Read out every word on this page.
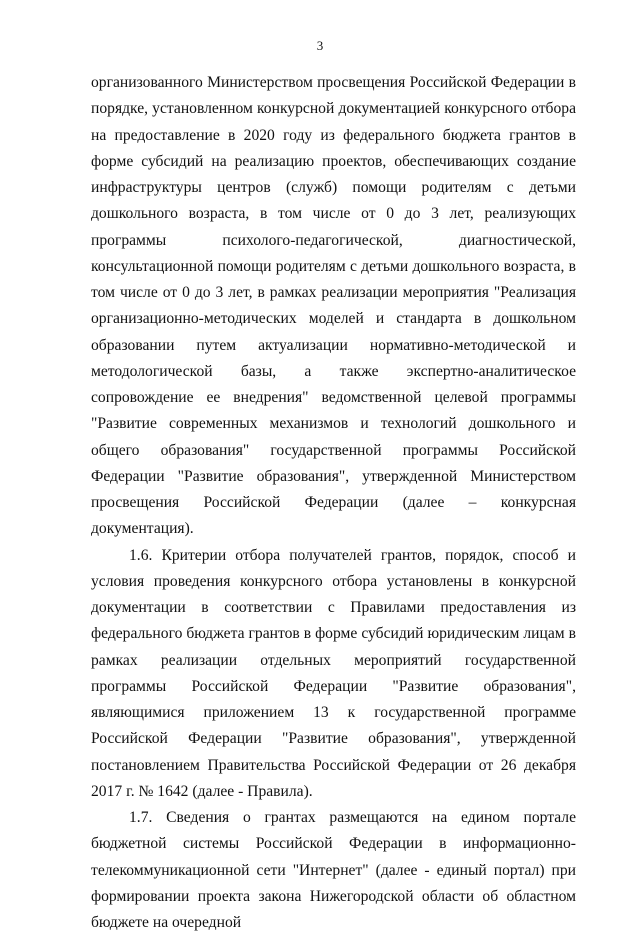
3

организованного Министерством просвещения Российской Федерации в порядке, установленном конкурсной документацией конкурсного отбора на предоставление в 2020 году из федерального бюджета грантов в форме субсидий на реализацию проектов, обеспечивающих создание инфраструктуры центров (служб) помощи родителям с детьми дошкольного возраста, в том числе от 0 до 3 лет, реализующих программы психолого-педагогической, диагностической, консультационной помощи родителям с детьми дошкольного возраста, в том числе от 0 до 3 лет, в рамках реализации мероприятия "Реализация организационно-методических моделей и стандарта в дошкольном образовании путем актуализации нормативно-методической и методологической базы, а также экспертно-аналитическое сопровождение ее внедрения" ведомственной целевой программы "Развитие современных механизмов и технологий дошкольного и общего образования" государственной программы Российской Федерации "Развитие образования", утвержденной Министерством просвещения Российской Федерации (далее – конкурсная документация).

1.6. Критерии отбора получателей грантов, порядок, способ и условия проведения конкурсного отбора установлены в конкурсной документации в соответствии с Правилами предоставления из федерального бюджета грантов в форме субсидий юридическим лицам в рамках реализации отдельных мероприятий государственной программы Российской Федерации "Развитие образования", являющимися приложением 13 к государственной программе Российской Федерации "Развитие образования", утвержденной постановлением Правительства Российской Федерации от 26 декабря 2017 г. № 1642 (далее - Правила).

1.7. Сведения о грантах размещаются на едином портале бюджетной системы Российской Федерации в информационно-телекоммуникационной сети "Интернет" (далее - единый портал) при формировании проекта закона Нижегородской области об областном бюджете на очередной
